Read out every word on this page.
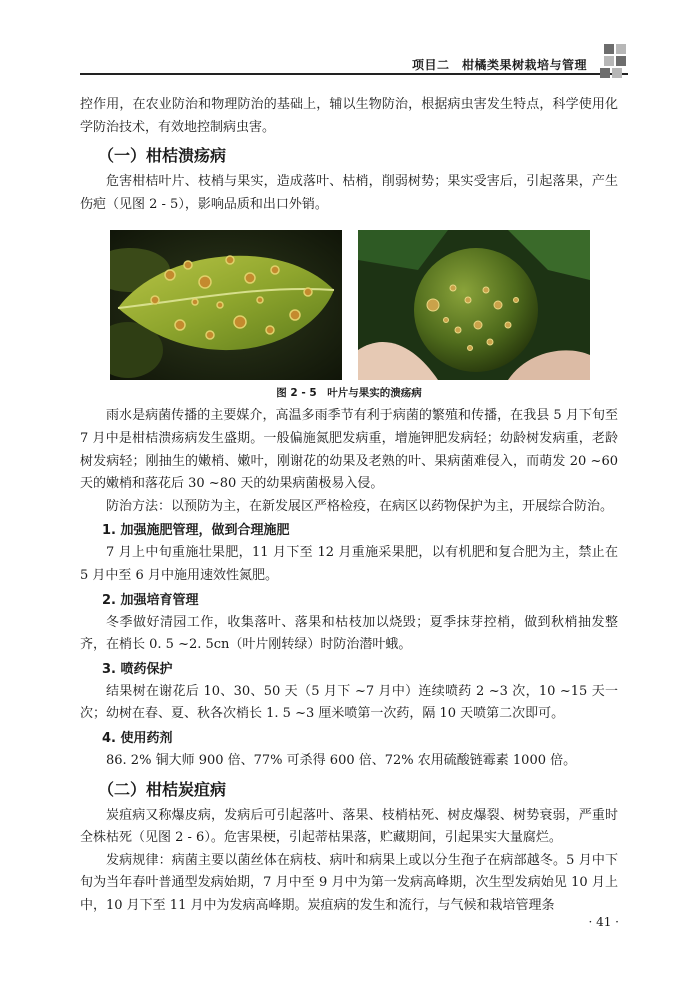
项目二　柑橘类果树栽培与管理

控作用，在农业防治和物理防治的基础上，辅以生物防治，根据病虫害发生特点，科学使用化学防治技术，有效地控制病虫害。

（一）柑桔溃疡病

危害柑桔叶片、枝梢与果实，造成落叶、枯梢，削弱树势；果实受害后，引起落果，产生伤疤（见图 2 - 5），影响品质和出口外销。

图 2 - 5　叶片与果实的溃疡病

雨水是病菌传播的主要媒介，高温多雨季节有利于病菌的繁殖和传播，在我县 5 月下旬至 7 月中是柑桔溃疡病发生盛期。一般偏施氮肥发病重，增施钾肥发病轻；幼龄树发病重，老龄树发病轻；刚抽生的嫩梢、嫩叶，刚谢花的幼果及老熟的叶、果病菌难侵入，而萌发 20 ~60 天的嫩梢和落花后 30 ~80 天的幼果病菌极易入侵。

防治方法：以预防为主，在新发展区严格检疫，在病区以药物保护为主，开展综合防治。

1. 加强施肥管理，做到合理施肥

7 月上中旬重施壮果肥，11 月下至 12 月重施采果肥，以有机肥和复合肥为主，禁止在 5 月中至 6 月中施用速效性氮肥。

2. 加强培育管理

冬季做好清园工作，收集落叶、落果和枯枝加以烧毁；夏季抹芽控梢，做到秋梢抽发整齐，在梢长 0. 5 ~2. 5cn（叶片刚转绿）时防治潜叶蛾。

3. 喷药保护

结果树在谢花后 10、30、50 天（5 月下 ~7 月中）连续喷药 2 ~3 次，10 ~15 天一次；幼树在春、夏、秋各次梢长 1. 5 ~3 厘米喷第一次药，隔 10 天喷第二次即可。

4. 使用药剂

86. 2% 铜大师 900 倍、77% 可杀得 600 倍、72% 农用硫酸链霉素 1000 倍。

（二）柑桔炭疽病

炭疽病又称爆皮病，发病后可引起落叶、落果、枝梢枯死、树皮爆裂、树势衰弱，严重时全株枯死（见图 2 - 6）。危害果梗，引起蒂枯果落，贮藏期间，引起果实大量腐烂。

发病规律：病菌主要以菌丝体在病枝、病叶和病果上或以分生孢子在病部越冬。5 月中下旬为当年春叶普通型发病始期，7 月中至 9 月中为第一发病高峰期，次生型发病始见 10 月上中，10 月下至 11 月中为发病高峰期。炭疽病的发生和流行，与气候和栽培管理条

· 41 ·
